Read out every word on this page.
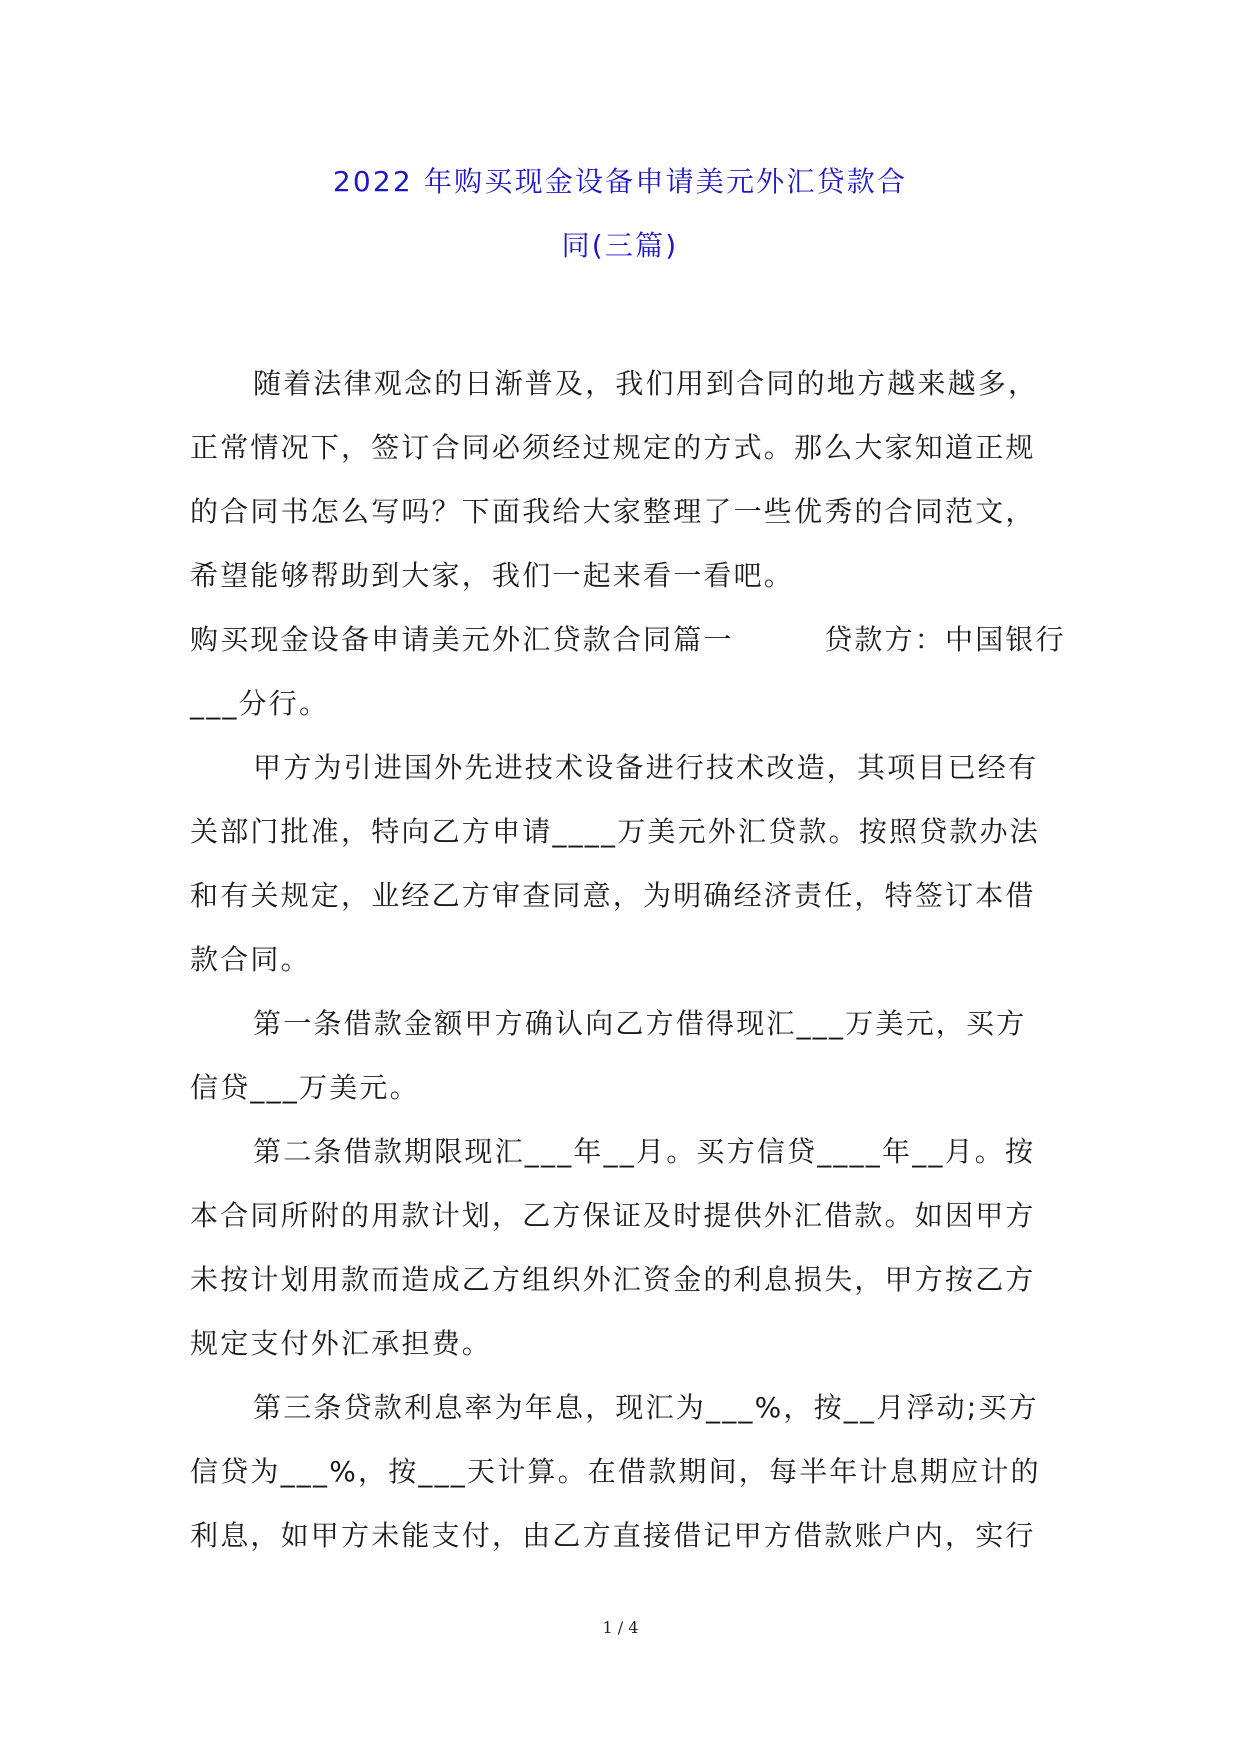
2022 年购买现金设备申请美元外汇贷款合
同(三篇)
随着法律观念的日渐普及，我们用到合同的地方越来越多，
正常情况下，签订合同必须经过规定的方式。那么大家知道正规
的合同书怎么写吗？下面我给大家整理了一些优秀的合同范文，
希望能够帮助到大家，我们一起来看一看吧。
购买现金设备申请美元外汇贷款合同篇一　　　贷款方：中国银行
___分行。
甲方为引进国外先进技术设备进行技术改造，其项目已经有
关部门批准，特向乙方申请____万美元外汇贷款。按照贷款办法
和有关规定，业经乙方审查同意，为明确经济责任，特签订本借
款合同。
第一条借款金额甲方确认向乙方借得现汇___万美元，买方
信贷___万美元。
第二条借款期限现汇___年__月。买方信贷____年__月。按
本合同所附的用款计划，乙方保证及时提供外汇借款。如因甲方
未按计划用款而造成乙方组织外汇资金的利息损失，甲方按乙方
规定支付外汇承担费。
第三条贷款利息率为年息，现汇为___%，按__月浮动;买方
信贷为___%，按___天计算。在借款期间，每半年计息期应计的
利息，如甲方未能支付，由乙方直接借记甲方借款账户内，实行
1 / 4
